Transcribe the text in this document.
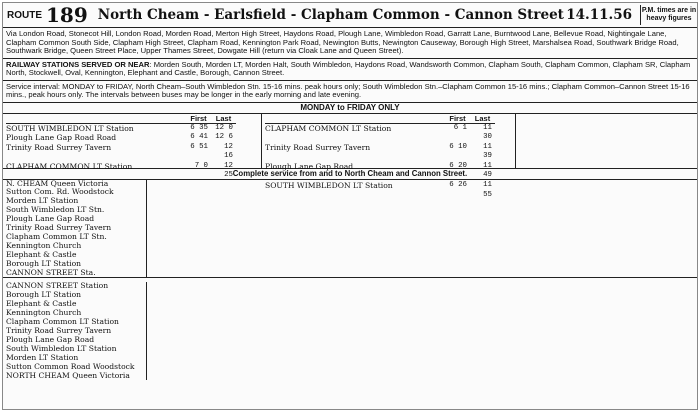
ROUTE 189 North Cheam - Earlsfield - Clapham Common - Cannon Street 14.11.56	P.M. times are in heavy figures
Via London Road, Stonecot Hill, London Road, Morden Road, Merton High Street, Haydons Road, Plough Lane, Wimbledon Road, Garratt Lane, Burntwood Lane, Bellevue Road, Nightingale Lane, Clapham Common South Side, Clapham High Street, Clapham Road, Kennington Park Road, Newington Butts, Newington Causeway, Borough High Street, Marshalsea Road, Southwark Bridge Road, Southwark Bridge, Queen Street Place, Upper Thames Street, Dowgate Hill (return via Cloak Lane and Queen Street).
RAILWAY STATIONS SERVED OR NEAR: Morden South, Morden LT, Morden Halt, South Wimbledon, Haydons Road, Wandsworth Common, Clapham South, Clapham Common, Clapham SR, Clapham North, Stockwell, Oval, Kennington, Elephant and Castle, Borough, Cannon Street.
Service interval: MONDAY to FRIDAY, North Cheam–South Wimbledon Stn. 15-16 mins. peak hours only; South Wimbledon Stn.–Clapham Common 15-16 mins.; Clapham Common–Cannon Street 15-16 mins., peak hours only. The intervals between buses may be longer in the early morning and late evening.
MONDAY to FRIDAY ONLY
First	Last
SOUTH WIMBLEDON LT Station	6 35 12 0
Plough Lane Gap Road Road	6 41 12 6
Trinity Road Surrey Tavern	6 51	12 16
CLAPHAM COMMON LT Station	7 0	12 25
First	Last
CLAPHAM COMMON LT Station	6 1	11 30
Trinity Road Surrey Tavern	6 10	11 39
Plough Lane Gap Road	6 20	11 49
SOUTH WIMBLEDON LT Station	6 26	11 55
Complete service from and to North Cheam and Cannon Street.
N. CHEAM Queen Victoria
Sutton Com. Rd. Woodstock
Morden LT Station
South Wimbledon LT Stn.
Plough Lane Gap Road
Trinity Road Surrey Tavern
Clapham Common LT Stn.
Kennington Church
Elephant & Castle
Borough LT Station
CANNON STREET Sta.
CANNON STREET Station
Borough LT Station
Elephant & Castle
Kennington Church
Clapham Common LT Station
Trinity Road Surrey Tavern
Plough Lane Gap Road
South Wimbledon LT Station
Morden LT Station
Sutton Common Road Woodstock
NORTH CHEAM Queen Victoria
